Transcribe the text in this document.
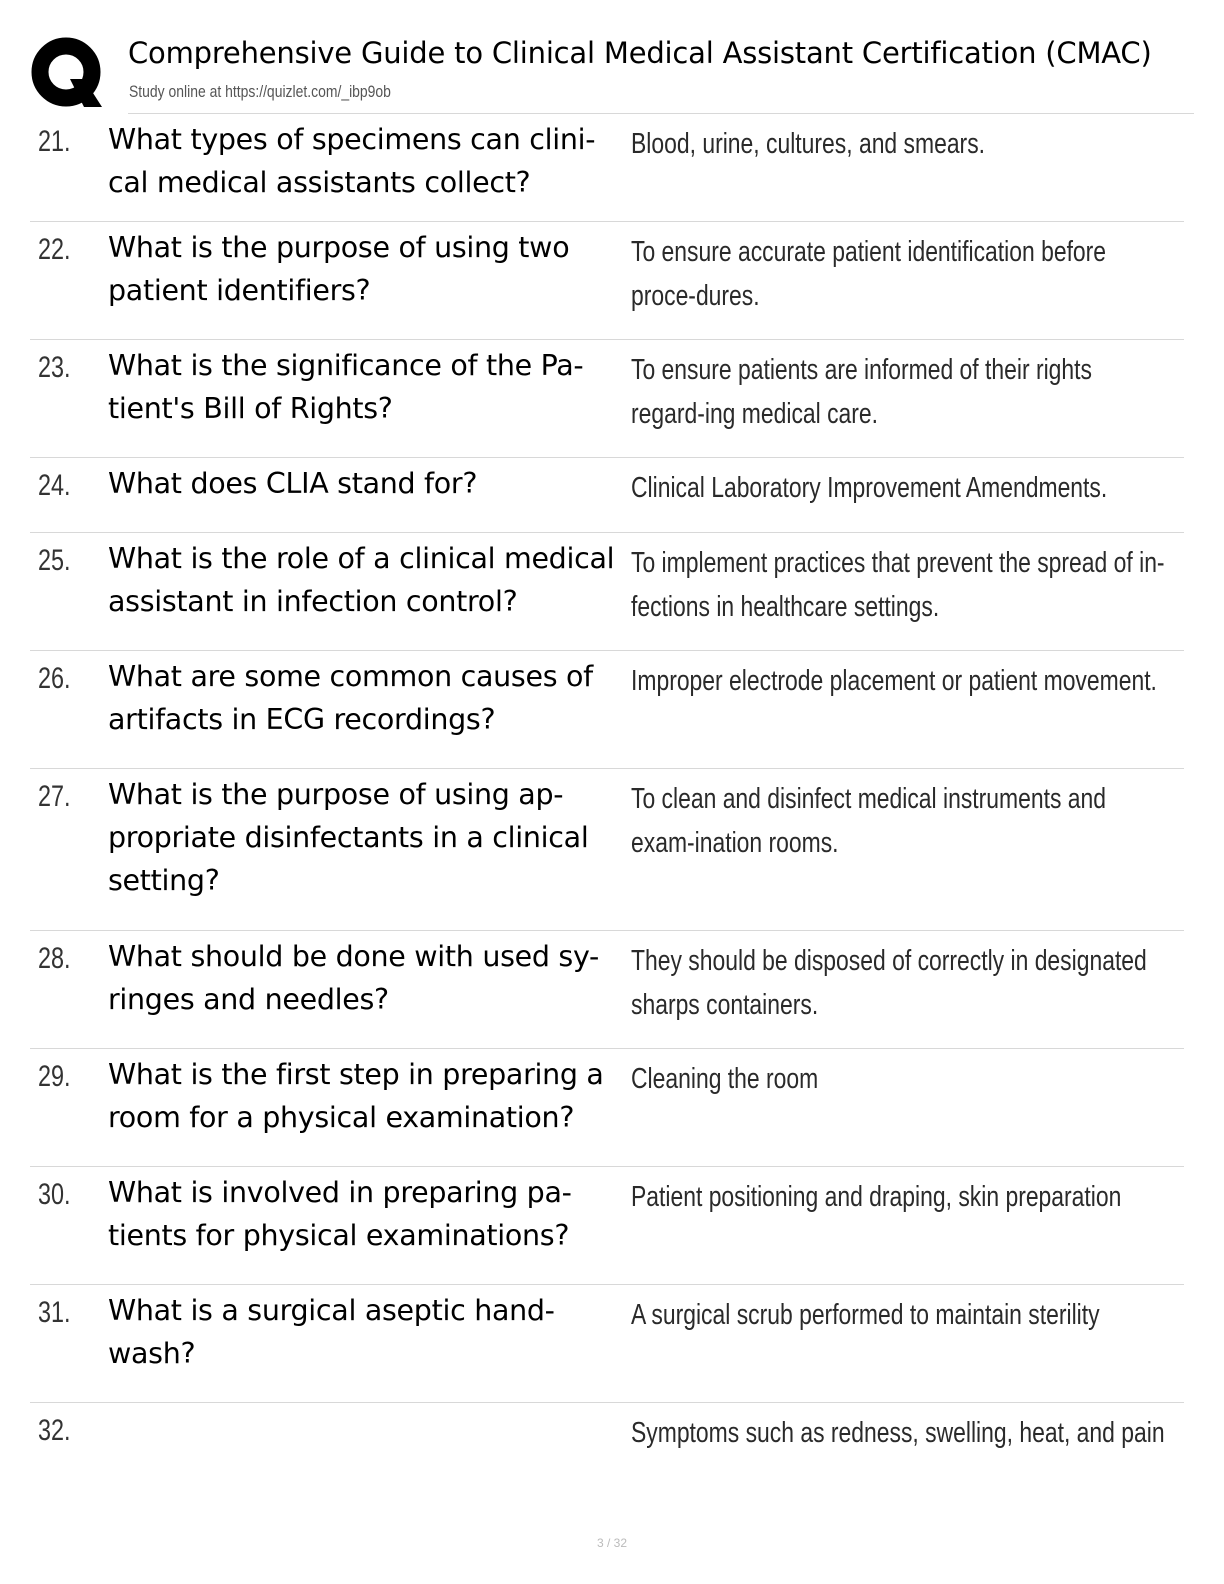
Comprehensive Guide to Clinical Medical Assistant Certification (CMAC)
Study online at https://quizlet.com/_ibp9ob
21. What types of specimens can clini-cal medical assistants collect?
Blood, urine, cultures, and smears.
22. What is the purpose of using two patient identifiers?
To ensure accurate patient identification before proce-dures.
23. What is the significance of the Pa-tient's Bill of Rights?
To ensure patients are informed of their rights regard-ing medical care.
24. What does CLIA stand for?	Clinical Laboratory Improvement Amendments.
25. What is the role of a clinical medical assistant in infection control?
To implement practices that prevent the spread of in-fections in healthcare settings.
26. What are some common causes of artifacts in ECG recordings?
Improper electrode placement or patient movement.
27. What is the purpose of using ap-propriate disinfectants in a clinical setting?
To clean and disinfect medical instruments and exam-ination rooms.
28. What should be done with used sy-ringes and needles?
They should be disposed of correctly in designated sharps containers.
29. What is the first step in preparing a room for a physical examination?
Cleaning the room
30. What is involved in preparing pa-tients for physical examinations?
Patient positioning and draping, skin preparation
31. What is a surgical aseptic hand-wash?
A surgical scrub performed to maintain sterility
32.	Symptoms such as redness, swelling, heat, and pain
3 / 32
